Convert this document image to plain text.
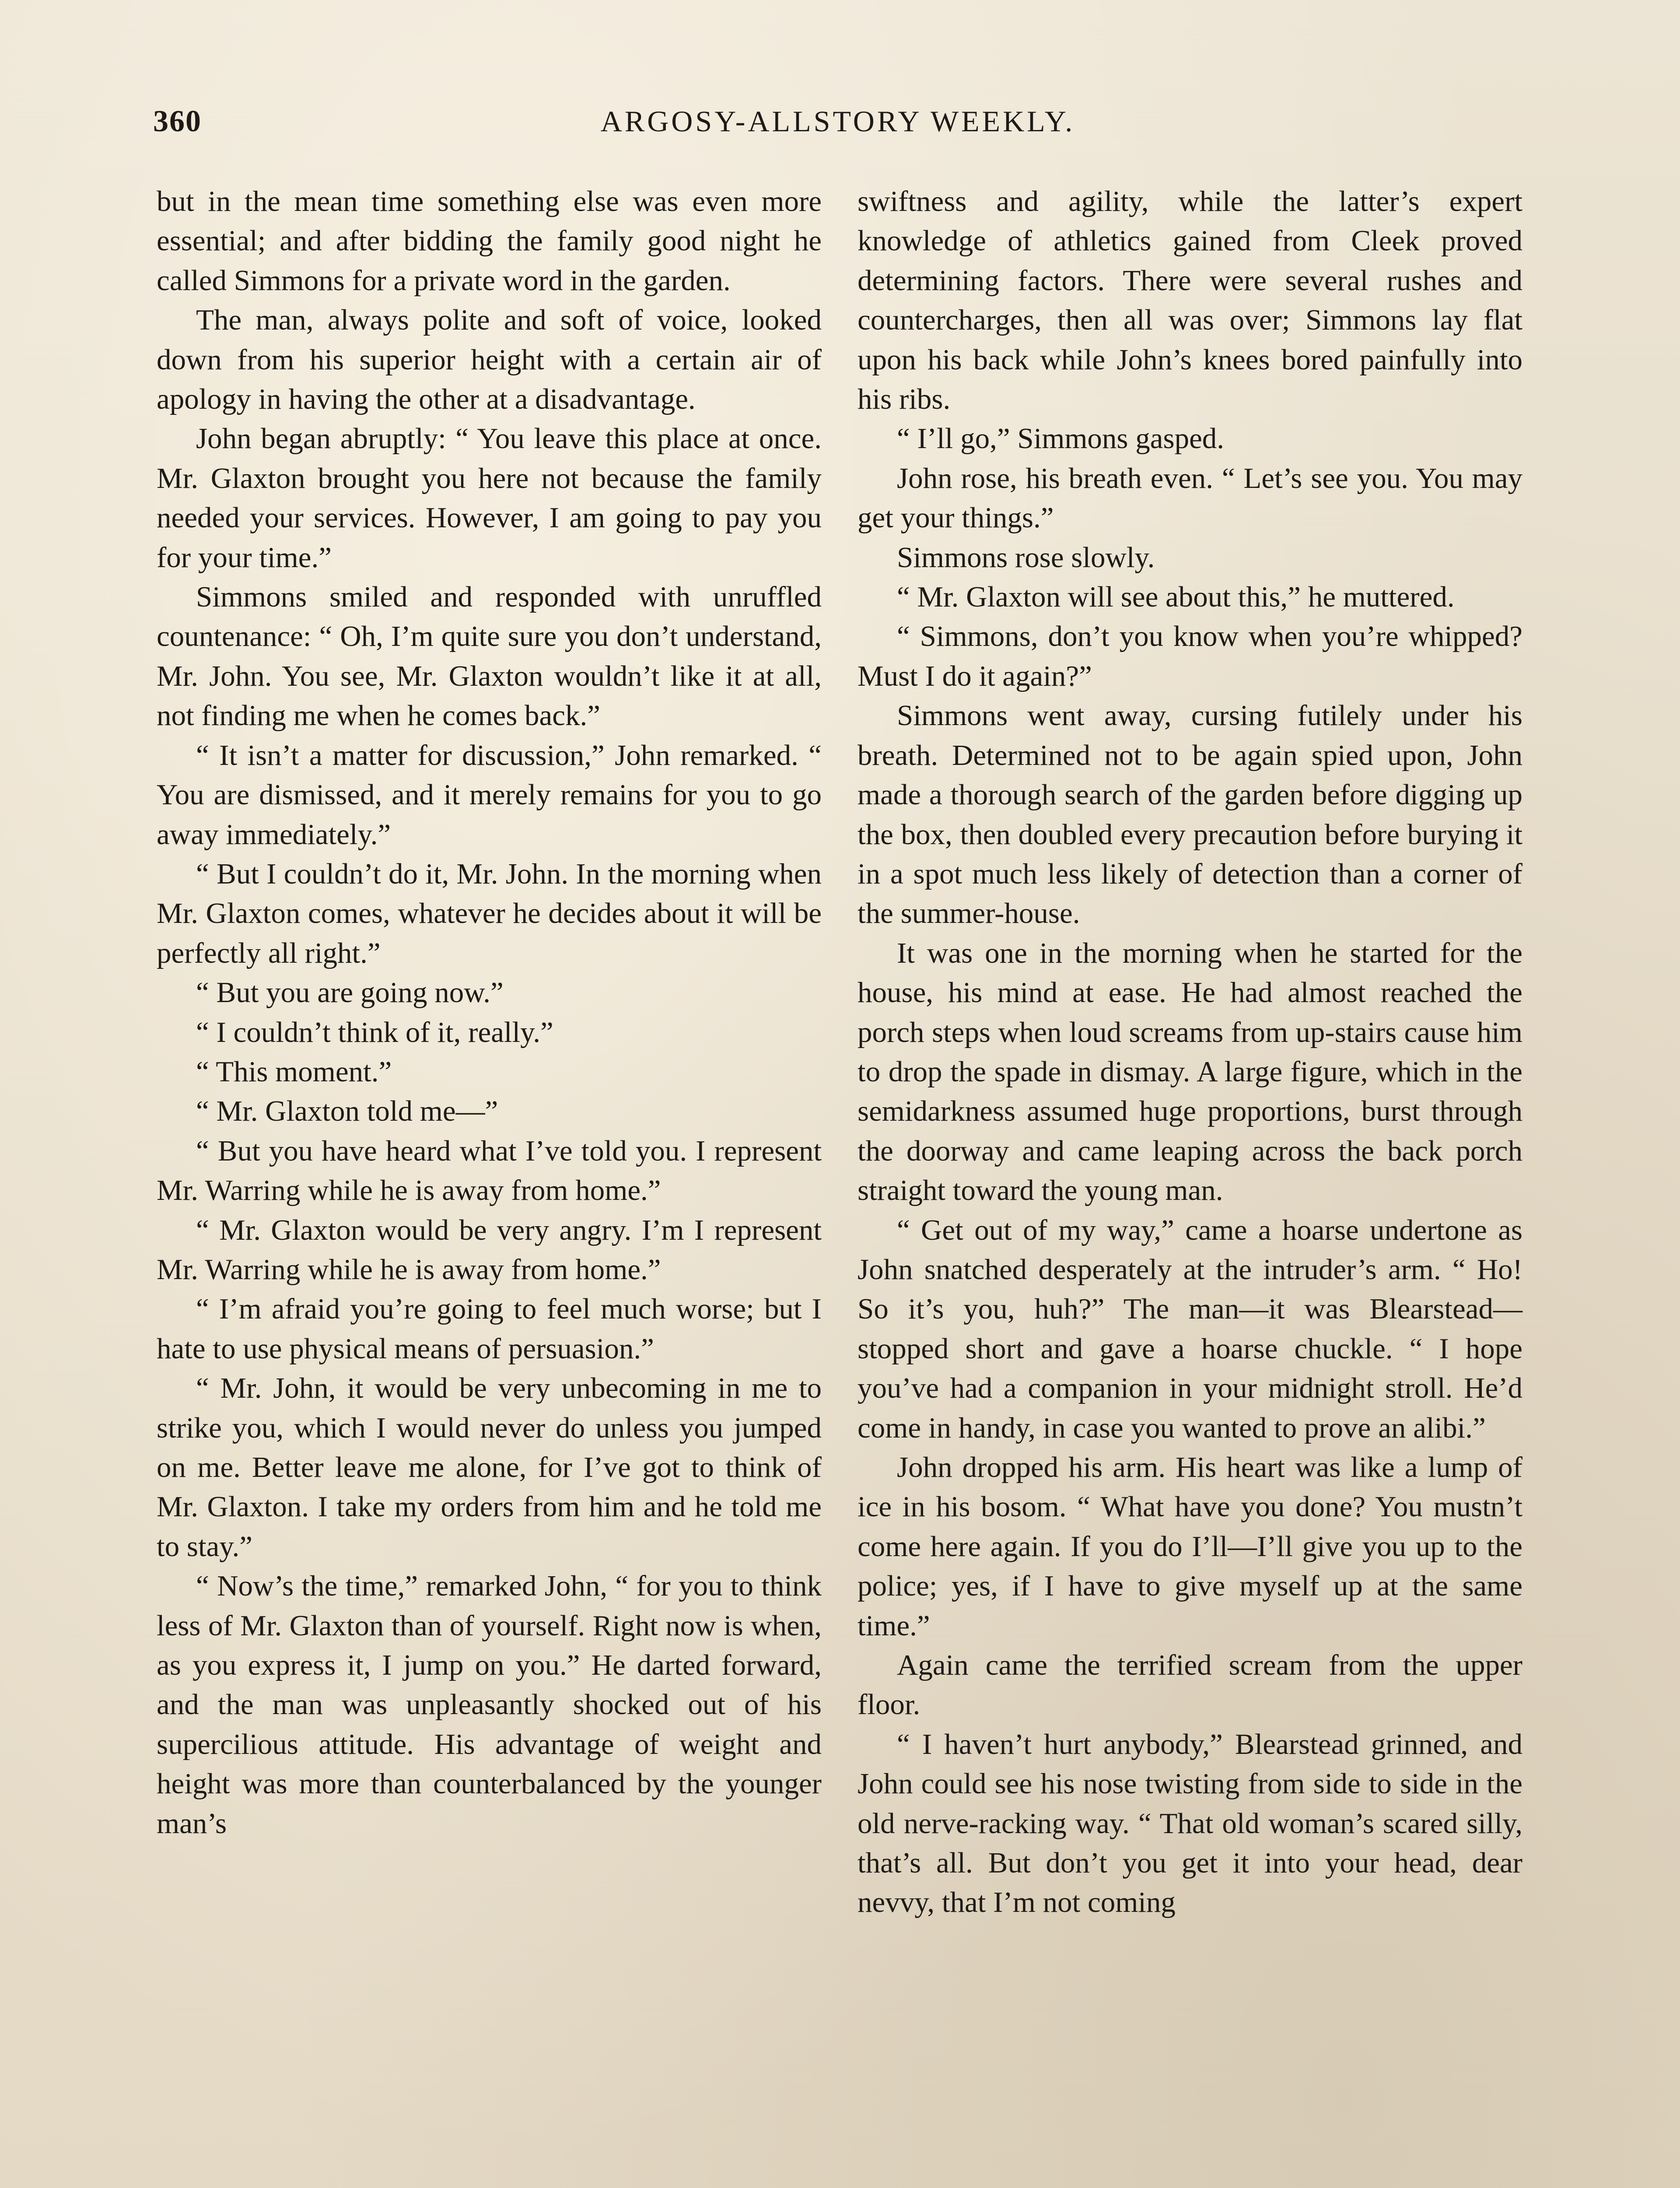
360	ARGOSY-ALLSTORY WEEKLY.

but in the mean time something else was even more essential; and after bidding the family good night he called Simmons for a private word in the garden.

The man, always polite and soft of voice, looked down from his superior height with a certain air of apology in having the other at a disadvantage.

John began abruptly: “ You leave this place at once. Mr. Glaxton brought you here not because the family needed your services. However, I am going to pay you for your time.”

Simmons smiled and responded with unruffled countenance: “ Oh, I’m quite sure you don’t understand, Mr. John. You see, Mr. Glaxton wouldn’t like it at all, not finding me when he comes back.”

“ It isn’t a matter for discussion,” John remarked. “ You are dismissed, and it merely remains for you to go away immediately.”

“ But I couldn’t do it, Mr. John. In the morning when Mr. Glaxton comes, whatever he decides about it will be perfectly all right.”

“ But you are going now.”

“ I couldn’t think of it, really.”

“ This moment.”

“ Mr. Glaxton told me—”

“ But you have heard what I’ve told you. I represent Mr. Warring while he is away from home.”

“ Mr. Glaxton would be very angry. I’m I represent Mr. Warring while he is away from home.”

“ I’m afraid you’re going to feel much worse; but I hate to use physical means of persuasion.”

“ Mr. John, it would be very unbecoming in me to strike you, which I would never do unless you jumped on me. Better leave me alone, for I’ve got to think of Mr. Glaxton. I take my orders from him and he told me to stay.”

“ Now’s the time,” remarked John, “ for you to think less of Mr. Glaxton than of yourself. Right now is when, as you express it, I jump on you.” He darted forward, and the man was unpleasantly shocked out of his supercilious attitude. His advantage of weight and height was more than counterbalanced by the younger man’s

swiftness and agility, while the latter’s expert knowledge of athletics gained from Cleek proved determining factors. There were several rushes and countercharges, then all was over; Simmons lay flat upon his back while John’s knees bored painfully into his ribs.

“ I’ll go,” Simmons gasped.

John rose, his breath even. “ Let’s see you. You may get your things.”

Simmons rose slowly.

“ Mr. Glaxton will see about this,” he muttered.

“ Simmons, don’t you know when you’re whipped? Must I do it again?”

Simmons went away, cursing futilely under his breath. Determined not to be again spied upon, John made a thorough search of the garden before digging up the box, then doubled every precaution before burying it in a spot much less likely of detection than a corner of the summer-house.

It was one in the morning when he started for the house, his mind at ease. He had almost reached the porch steps when loud screams from up-stairs cause him to drop the spade in dismay. A large figure, which in the semidarkness assumed huge proportions, burst through the doorway and came leaping across the back porch straight toward the young man.

“ Get out of my way,” came a hoarse undertone as John snatched desperately at the intruder’s arm. “ Ho! So it’s you, huh?” The man—it was Blearstead—stopped short and gave a hoarse chuckle. “ I hope you’ve had a companion in your midnight stroll. He’d come in handy, in case you wanted to prove an alibi.”

John dropped his arm. His heart was like a lump of ice in his bosom. “ What have you done? You mustn’t come here again. If you do I’ll—I’ll give you up to the police; yes, if I have to give myself up at the same time.”

Again came the terrified scream from the upper floor.

“ I haven’t hurt anybody,” Blearstead grinned, and John could see his nose twisting from side to side in the old nerve-racking way. “ That old woman’s scared silly, that’s all. But don’t you get it into your head, dear nevvy, that I’m not coming
